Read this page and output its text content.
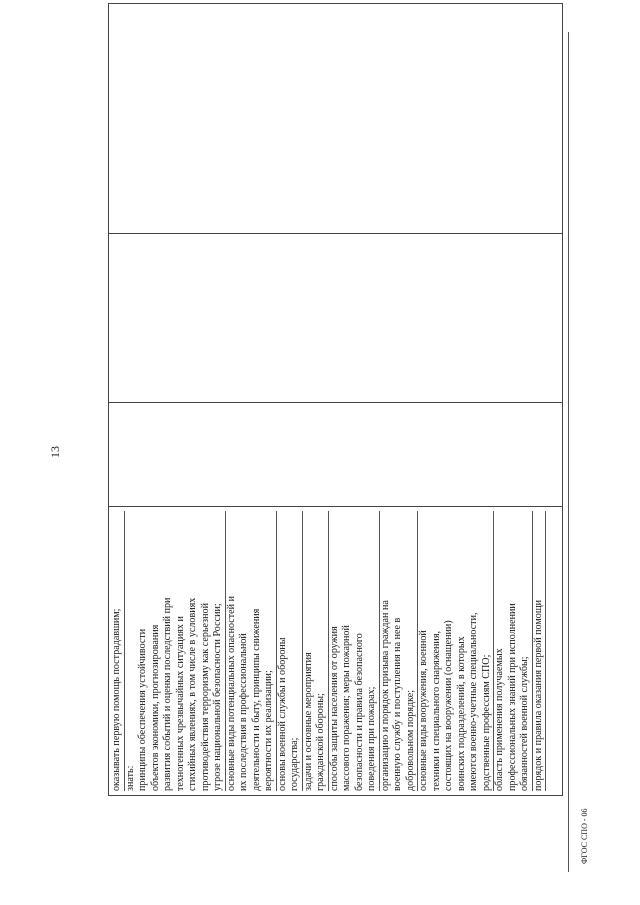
13
оказывать первую помощь пострадавшим; знать: принципы обеспечения устойчивости объектов экономики, прогнозирования развития событий и оценки последствий при техногенных чрезвычайных ситуациях и стихийных явлениях, в том числе в условиях противодействия терроризму как серьезной угрозе национальной безопасности России; основные виды потенциальных опасностей и их последствия в профессиональной деятельности и быту, принципы снижения вероятности их реализации; основы военной службы и обороны государства; задачи и основные мероприятия гражданской обороны; способы защиты населения от оружия массового поражения; меры пожарной безопасности и правила безопасного поведения при пожарах; организацию и порядок призыва граждан на военную службу и поступления на нее в добровольном порядке; основные виды вооружения, военной техники и специального снаряжения, состоящих на вооружении (оснащении) воинских подразделений, в которых имеются военно-учетные специальности, родственные профессиям СПО; область применения получаемых профессиональных знаний при исполнении обязанностей военной службы; порядок и правила оказания первой помощи

ФГОС СПО - 06
